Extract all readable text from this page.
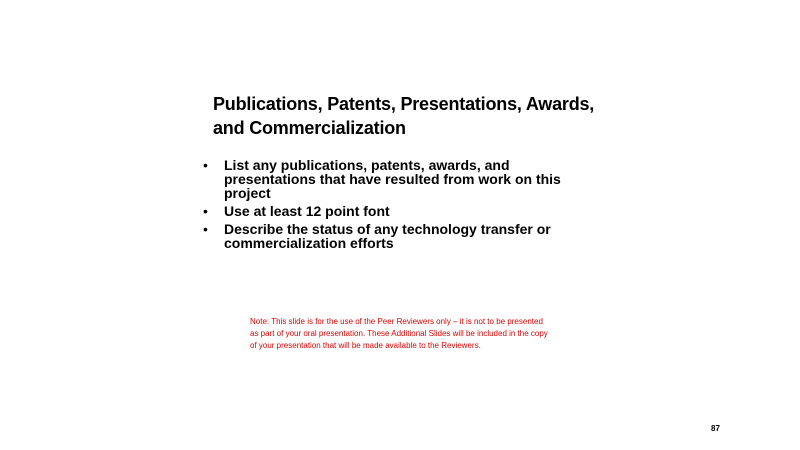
Publications, Patents, Presentations, Awards,
and Commercialization
• List any publications, patents, awards, and presentations that have resulted from work on this project
• Use at least 12 point font
• Describe the status of any technology transfer or commercialization efforts

Note: This slide is for the use of the Peer Reviewers only – it is not to be presented as part of your oral presentation. These Additional Slides will be included in the copy of your presentation that will be made available to the Reviewers.

87
